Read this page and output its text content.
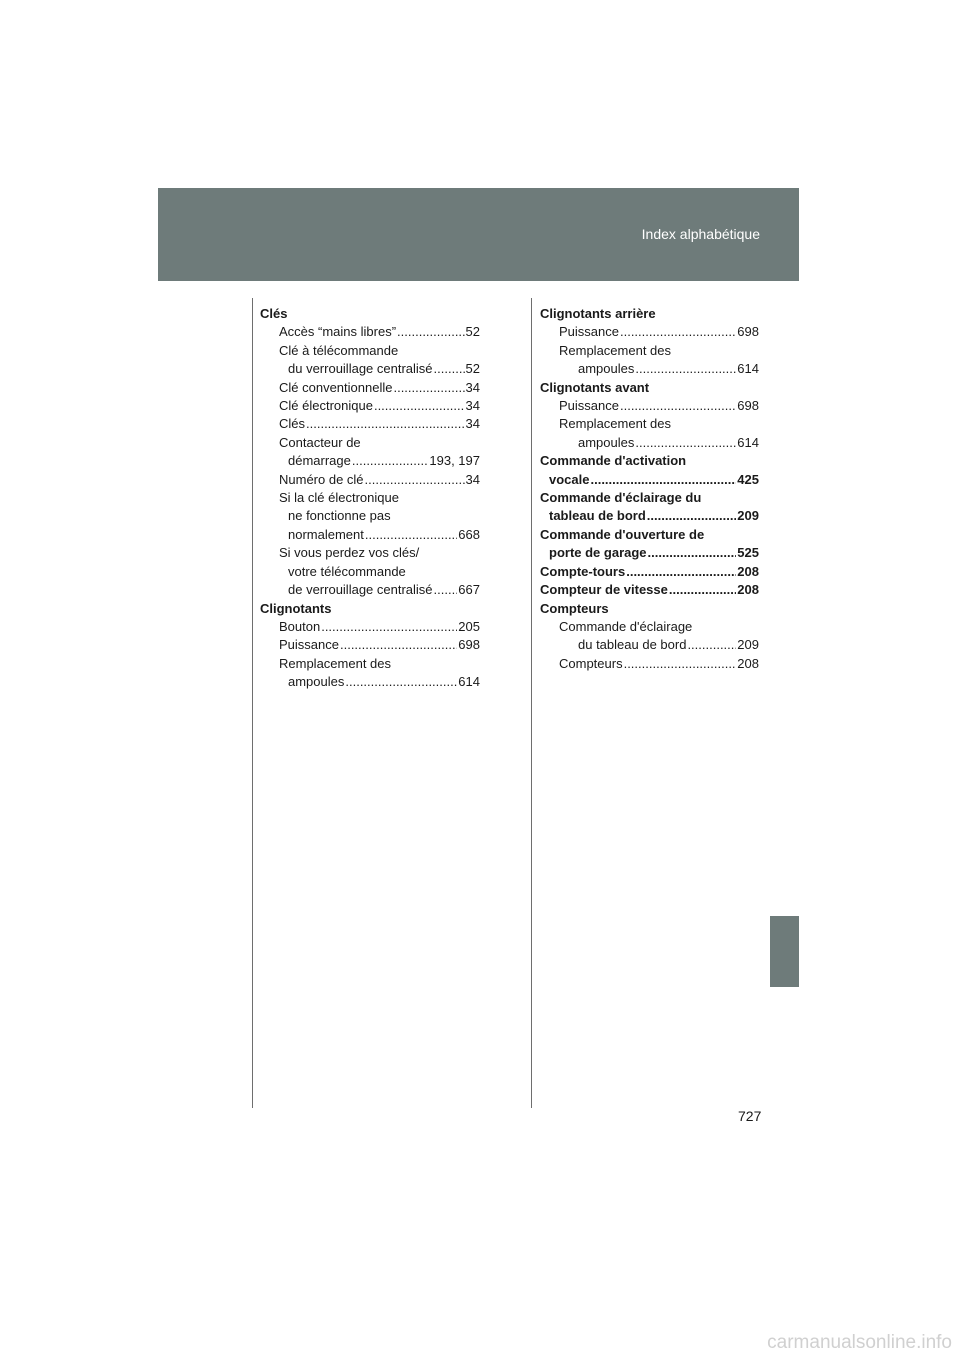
Index alphabétique
Clés
Accès “mains libres” .....	52
Clé à télécommande
du verrouillage centralisé .....	52
Clé conventionnelle .....	34
Clé électronique .....	34
Clés .....	34
Contacteur de
démarrage .....	193, 197
Numéro de clé .....	34
Si la clé électronique
ne fonctionne pas
normalement .....	668
Si vous perdez vos clés/
votre télécommande
de verrouillage centralisé ..... 667
Clignotants
Bouton .....	205
Puissance .....	698
Remplacement des
ampoules .....	614
Clignotants arrière
Puissance .....	698
Remplacement des
ampoules .....	614
Clignotants avant
Puissance .....	698
Remplacement des
ampoules .....	614
Commande d'activation
vocale .....	425
Commande d'éclairage du
tableau de bord .....	209
Commande d'ouverture de
porte de garage .....	525
Compte-tours .....	208
Compteur de vitesse .....	208
Compteurs
Commande d'éclairage
du tableau de bord .....	209
Compteurs .....	208
727
carmanualsonline.info
